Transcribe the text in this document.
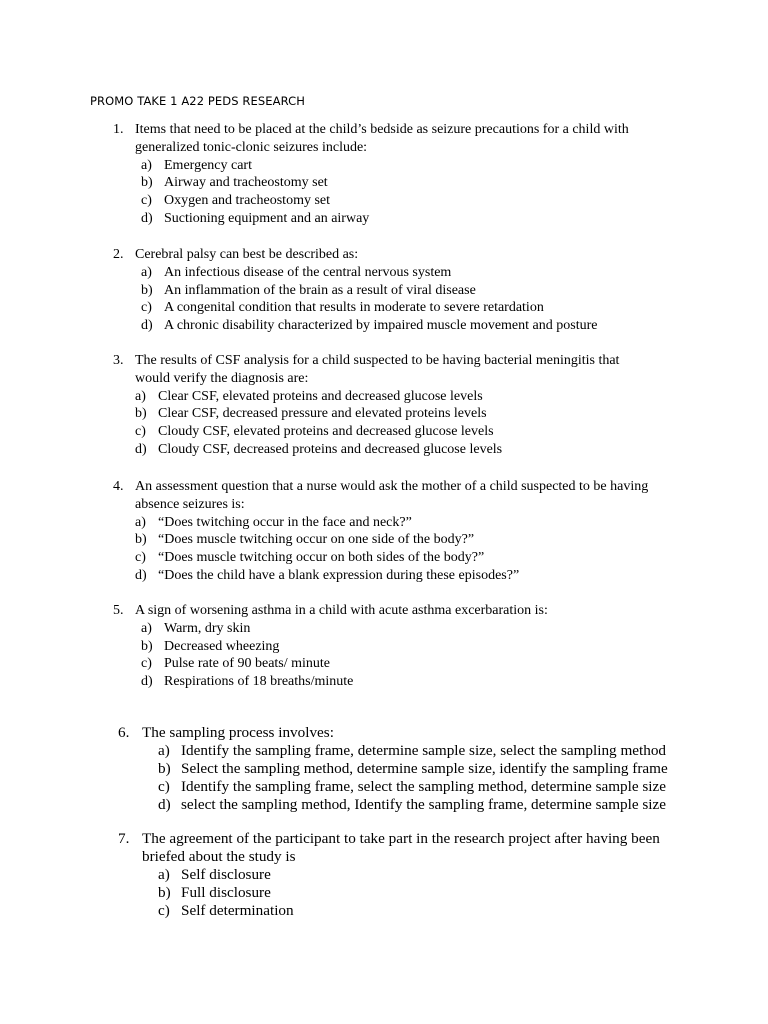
PROMO TAKE 1 A22 PEDS RESEARCH

1. Items that need to be placed at the child’s bedside as seizure precautions for a child with generalized tonic-clonic seizures include:

a) Emergency cart
b) Airway and tracheostomy set
c) Oxygen and tracheostomy set
d) Suctioning equipment and an airway

2. Cerebral palsy can best be described as:

a) An infectious disease of the central nervous system
b) An inflammation of the brain as a result of viral disease
c) A congenital condition that results in moderate to severe retardation
d) A chronic disability characterized by impaired muscle movement and posture

3. The results of CSF analysis for a child suspected to be having bacterial meningitis that would verify the diagnosis are:

a) Clear CSF, elevated proteins and decreased glucose levels
b) Clear CSF, decreased pressure and elevated proteins levels
c) Cloudy CSF, elevated proteins and decreased glucose levels
d) Cloudy CSF, decreased proteins and decreased glucose levels

4. An assessment question that a nurse would ask the mother of a child suspected to be having absence seizures is:

a) “Does twitching occur in the face and neck?”
b) “Does muscle twitching occur on one side of the body?”
c) “Does muscle twitching occur on both sides of the body?”
d) “Does the child have a blank expression during these episodes?”

5. A sign of worsening asthma in a child with acute asthma excerbaration is:

a) Warm, dry skin
b) Decreased wheezing
c) Pulse rate of 90 beats/ minute
d) Respirations of 18 breaths/minute

6. The sampling process involves:

a) Identify the sampling frame, determine sample size, select the sampling method
b) Select the sampling method, determine sample size, identify the sampling frame
c) Identify the sampling frame, select the sampling method, determine sample size
d) select the sampling method, Identify the sampling frame, determine sample size

7. The agreement of the participant to take part in the research project after having been briefed about the study is

a) Self disclosure
b) Full disclosure
c) Self determination
